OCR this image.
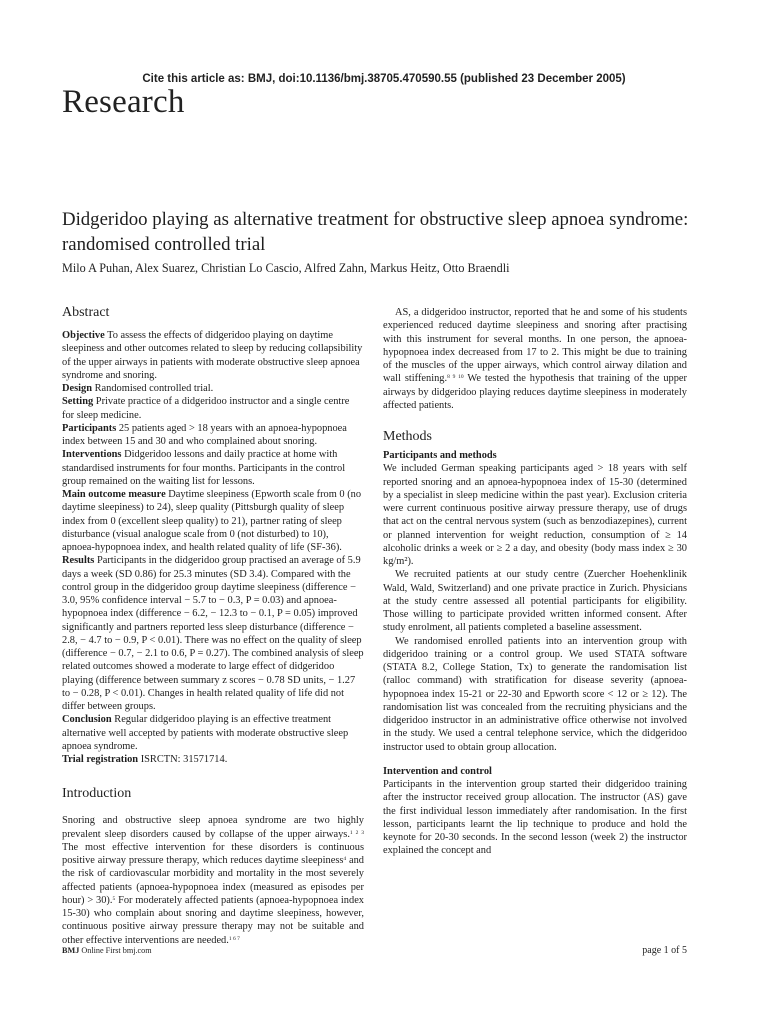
Cite this article as: BMJ, doi:10.1136/bmj.38705.470590.55 (published 23 December 2005)
Research
Didgeridoo playing as alternative treatment for obstructive sleep apnoea syndrome: randomised controlled trial
Milo A Puhan, Alex Suarez, Christian Lo Cascio, Alfred Zahn, Markus Heitz, Otto Braendli
Abstract

Objective To assess the effects of didgeridoo playing on daytime sleepiness and other outcomes related to sleep by reducing collapsibility of the upper airways in patients with moderate obstructive sleep apnoea syndrome and snoring.

Design Randomised controlled trial.

Setting Private practice of a didgeridoo instructor and a single centre for sleep medicine.

Participants 25 patients aged > 18 years with an apnoea-hypopnoea index between 15 and 30 and who complained about snoring.

Interventions Didgeridoo lessons and daily practice at home with standardised instruments for four months. Participants in the control group remained on the waiting list for lessons.

Main outcome measure Daytime sleepiness (Epworth scale from 0 (no daytime sleepiness) to 24), sleep quality (Pittsburgh quality of sleep index from 0 (excellent sleep quality) to 21), partner rating of sleep disturbance (visual analogue scale from 0 (not disturbed) to 10), apnoea-hypopnoea index, and health related quality of life (SF-36).

Results Participants in the didgeridoo group practised an average of 5.9 days a week (SD 0.86) for 25.3 minutes (SD 3.4). Compared with the control group in the didgeridoo group daytime sleepiness (difference − 3.0, 95% confidence interval − 5.7 to − 0.3, P = 0.03) and apnoea-hypopnoea index (difference − 6.2, − 12.3 to − 0.1, P = 0.05) improved significantly and partners reported less sleep disturbance (difference − 2.8, − 4.7 to − 0.9, P < 0.01). There was no effect on the quality of sleep (difference − 0.7, − 2.1 to 0.6, P = 0.27). The combined analysis of sleep related outcomes showed a moderate to large effect of didgeridoo playing (difference between summary z scores − 0.78 SD units, − 1.27 to − 0.28, P < 0.01). Changes in health related quality of life did not differ between groups.

Conclusion Regular didgeridoo playing is an effective treatment alternative well accepted by patients with moderate obstructive sleep apnoea syndrome.

Trial registration ISRCTN: 31571714.

Introduction

Snoring and obstructive sleep apnoea syndrome are two highly prevalent sleep disorders caused by collapse of the upper airways.$^{1 2 3}$ The most effective intervention for these disorders is continuous positive airway pressure therapy, which reduces daytime sleepiness$^4$ and the risk of cardiovascular morbidity and mortality in the most severely affected patients (apnoea-hypopnoea index (measured as episodes per hour) > 30).$^5$ For moderately affected patients (apnoea-hypopnoea index 15-30) who complain about snoring and daytime sleepiness, however, continuous positive airway pressure therapy may not be suitable and other effective interventions are needed.$^{1 6 7}$

AS, a didgeridoo instructor, reported that he and some of his students experienced reduced daytime sleepiness and snoring after practising with this instrument for several months. In one person, the apnoea-hypopnoea index decreased from 17 to 2. This might be due to training of the muscles of the upper airways, which control airway dilation and wall stiffening.$^{8 9 10}$ We tested the hypothesis that training of the upper airways by didgeridoo playing reduces daytime sleepiness in moderately affected patients.

Methods
Participants and methods

We included German speaking participants aged > 18 years with self reported snoring and an apnoea-hypopnoea index of 15-30 (determined by a specialist in sleep medicine within the past year). Exclusion criteria were current continuous positive airway pressure therapy, use of drugs that act on the central nervous system (such as benzodiazepines), current or planned intervention for weight reduction, consumption of ≥ 14 alcoholic drinks a week or ≥ 2 a day, and obesity (body mass index ≥ 30 kg/m²).

We recruited patients at our study centre (Zuercher Hoehenklinik Wald, Wald, Switzerland) and one private practice in Zurich. Physicians at the study centre assessed all potential participants for eligibility. Those willing to participate provided written informed consent. After study enrolment, all patients completed a baseline assessment.

We randomised enrolled patients into an intervention group with didgeridoo training or a control group. We used STATA software (STATA 8.2, College Station, Tx) to generate the randomisation list (ralloc command) with stratification for disease severity (apnoea-hypopnoea index 15-21 or 22-30 and Epworth score < 12 or ≥ 12). The randomisation list was concealed from the recruiting physicians and the didgeridoo instructor in an administrative office otherwise not involved in the study. We used a central telephone service, which the didgeridoo instructor used to obtain group allocation.

Intervention and control

Participants in the intervention group started their didgeridoo training after the instructor received group allocation. The instructor (AS) gave the first individual lesson immediately after randomisation. In the first lesson, participants learnt the lip technique to produce and hold the keynote for 20-30 seconds. In the second lesson (week 2) the instructor explained the concept and

BMJ Online First bmj.com	page 1 of 5
